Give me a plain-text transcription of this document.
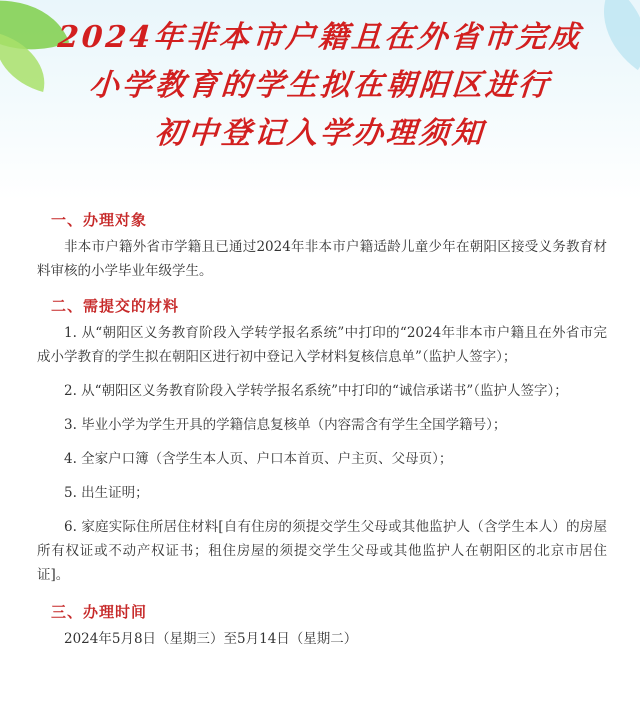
2024年非本市户籍且在外省市完成
小学教育的学生拟在朝阳区进行
初中登记入学办理须知
一、办理对象

非本市户籍外省市学籍且已通过2024年非本市户籍适龄儿童少年在朝阳区接受义务教育材料审核的小学毕业年级学生。

二、需提交的材料

1. 从“朝阳区义务教育阶段入学转学报名系统”中打印的“2024年非本市户籍且在外省市完成小学教育的学生拟在朝阳区进行初中登记入学材料复核信息单”（监护人签字）；

2. 从“朝阳区义务教育阶段入学转学报名系统”中打印的“诚信承诺书”（监护人签字）；

3. 毕业小学为学生开具的学籍信息复核单（内容需含有学生全国学籍号）；

4. 全家户口簿（含学生本人页、户口本首页、户主页、父母页）；

5. 出生证明；

6. 家庭实际住所居住材料[自有住房的须提交学生父母或其他监护人（含学生本人）的房屋所有权证或不动产权证书；租住房屋的须提交学生父母或其他监护人在朝阳区的北京市居住证]。

三、办理时间

2024年5月8日（星期三）至5月14日（星期二）
